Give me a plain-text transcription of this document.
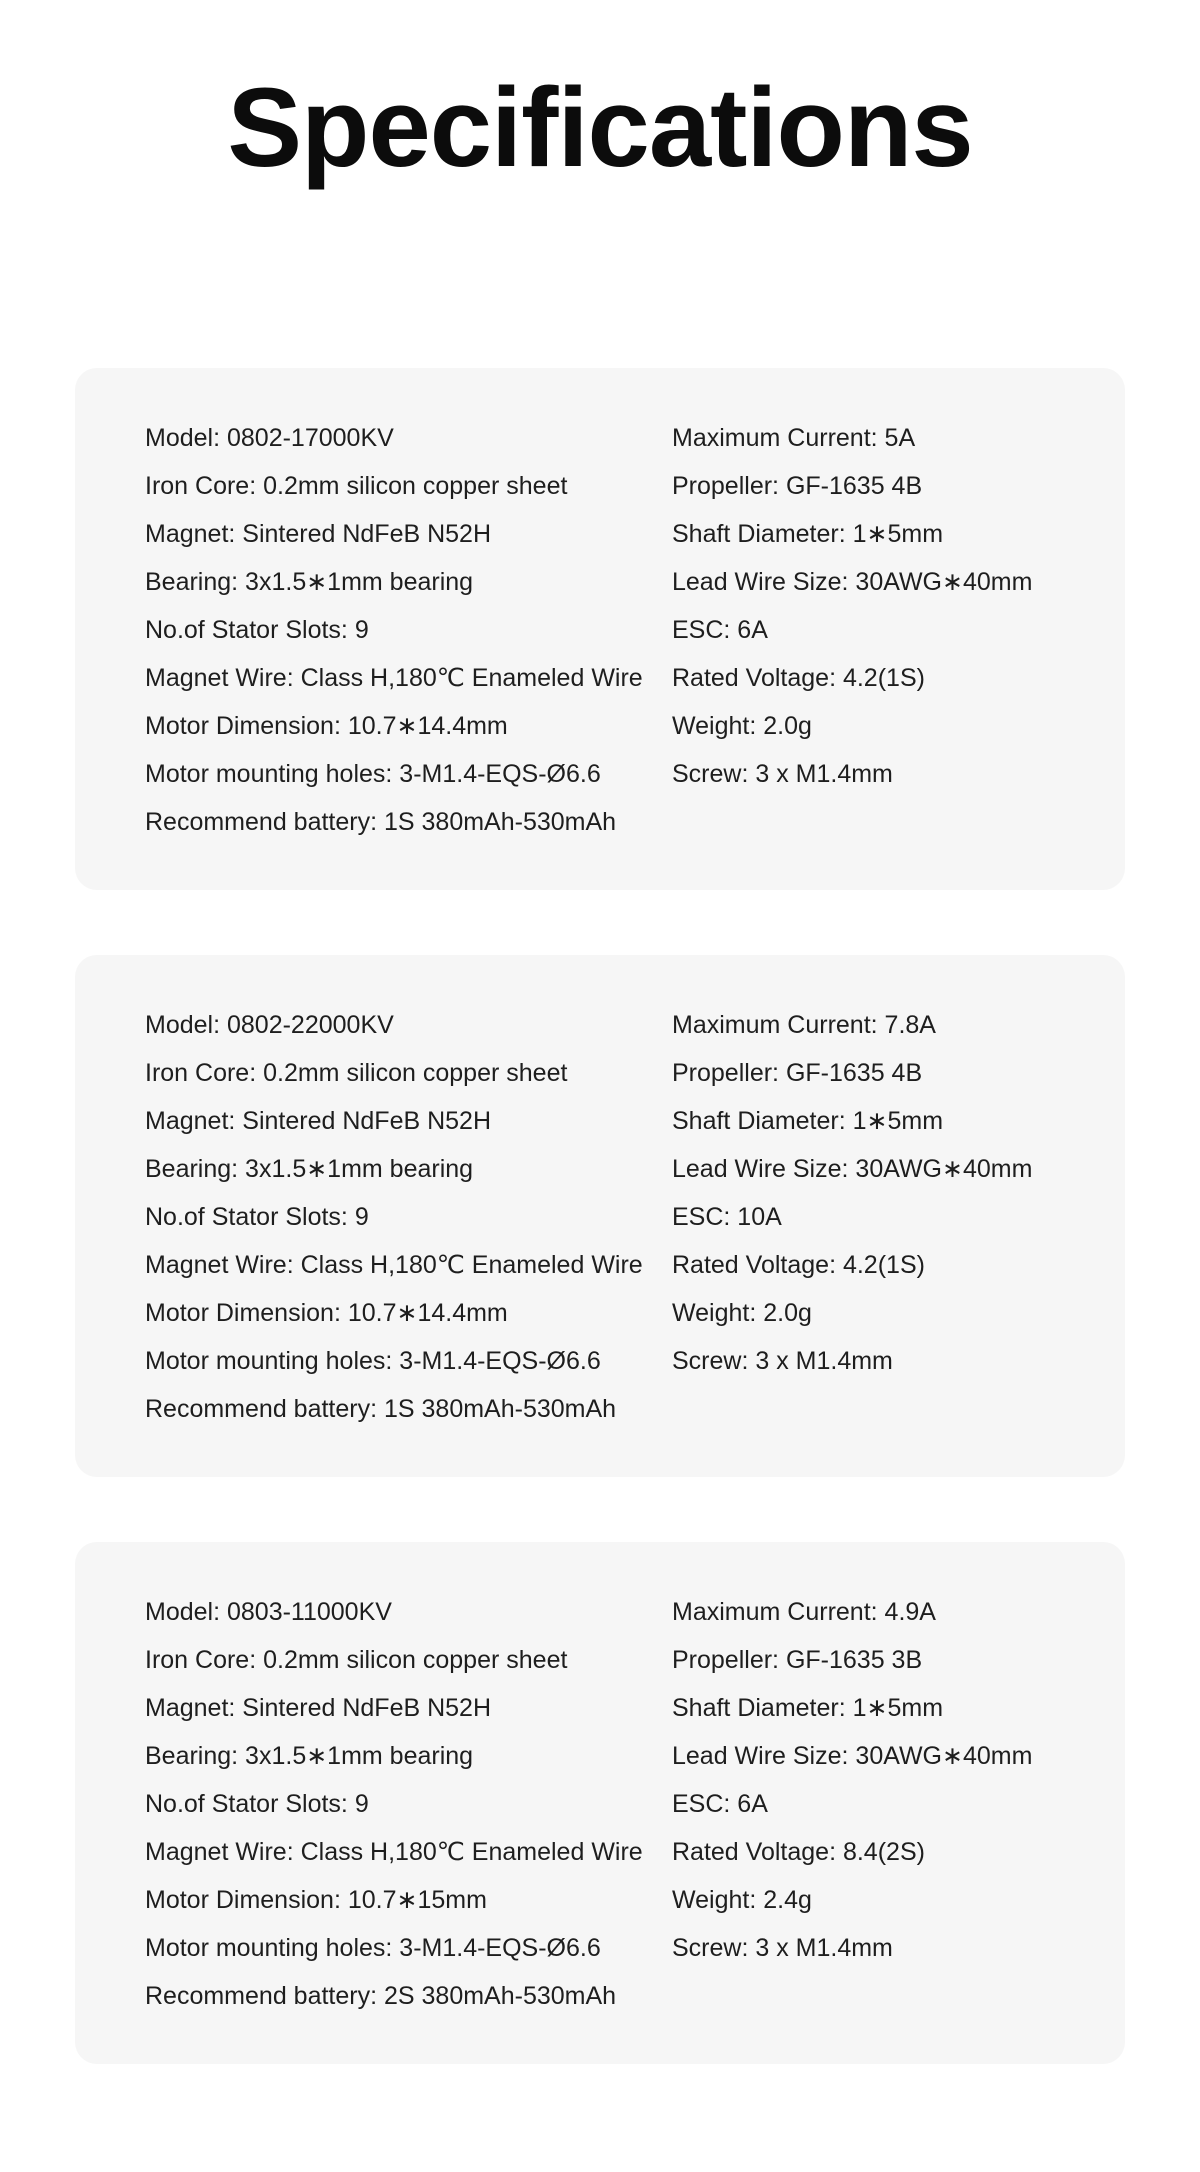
Specifications

Model: 0802-17000KV

Iron Core: 0.2mm silicon copper sheet

Magnet: Sintered NdFeB N52H

Bearing: 3x1.5∗1mm bearing

No.of Stator Slots: 9

Magnet Wire: Class H,180℃ Enameled Wire

Motor Dimension: 10.7∗14.4mm

Motor mounting holes: 3-M1.4-EQS-Ø6.6

Recommend battery: 1S 380mAh-530mAh

Maximum Current: 5A

Propeller: GF-1635 4B

Shaft Diameter: 1∗5mm

Lead Wire Size: 30AWG∗40mm

ESC: 6A

Rated Voltage: 4.2(1S)

Weight: 2.0g

Screw: 3 x M1.4mm

Model: 0802-22000KV

Iron Core: 0.2mm silicon copper sheet

Magnet: Sintered NdFeB N52H

Bearing: 3x1.5∗1mm bearing

No.of Stator Slots: 9

Magnet Wire: Class H,180℃ Enameled Wire

Motor Dimension: 10.7∗14.4mm

Motor mounting holes: 3-M1.4-EQS-Ø6.6

Recommend battery: 1S 380mAh-530mAh

Maximum Current: 7.8A

Propeller: GF-1635 4B

Shaft Diameter: 1∗5mm

Lead Wire Size: 30AWG∗40mm

ESC: 10A

Rated Voltage: 4.2(1S)

Weight: 2.0g

Screw: 3 x M1.4mm

Model: 0803-11000KV

Iron Core: 0.2mm silicon copper sheet

Magnet: Sintered NdFeB N52H

Bearing: 3x1.5∗1mm bearing

No.of Stator Slots: 9

Magnet Wire: Class H,180℃ Enameled Wire

Motor Dimension: 10.7∗15mm

Motor mounting holes: 3-M1.4-EQS-Ø6.6

Recommend battery: 2S 380mAh-530mAh

Maximum Current: 4.9A

Propeller: GF-1635 3B

Shaft Diameter: 1∗5mm

Lead Wire Size: 30AWG∗40mm

ESC: 6A

Rated Voltage: 8.4(2S)

Weight: 2.4g

Screw: 3 x M1.4mm
